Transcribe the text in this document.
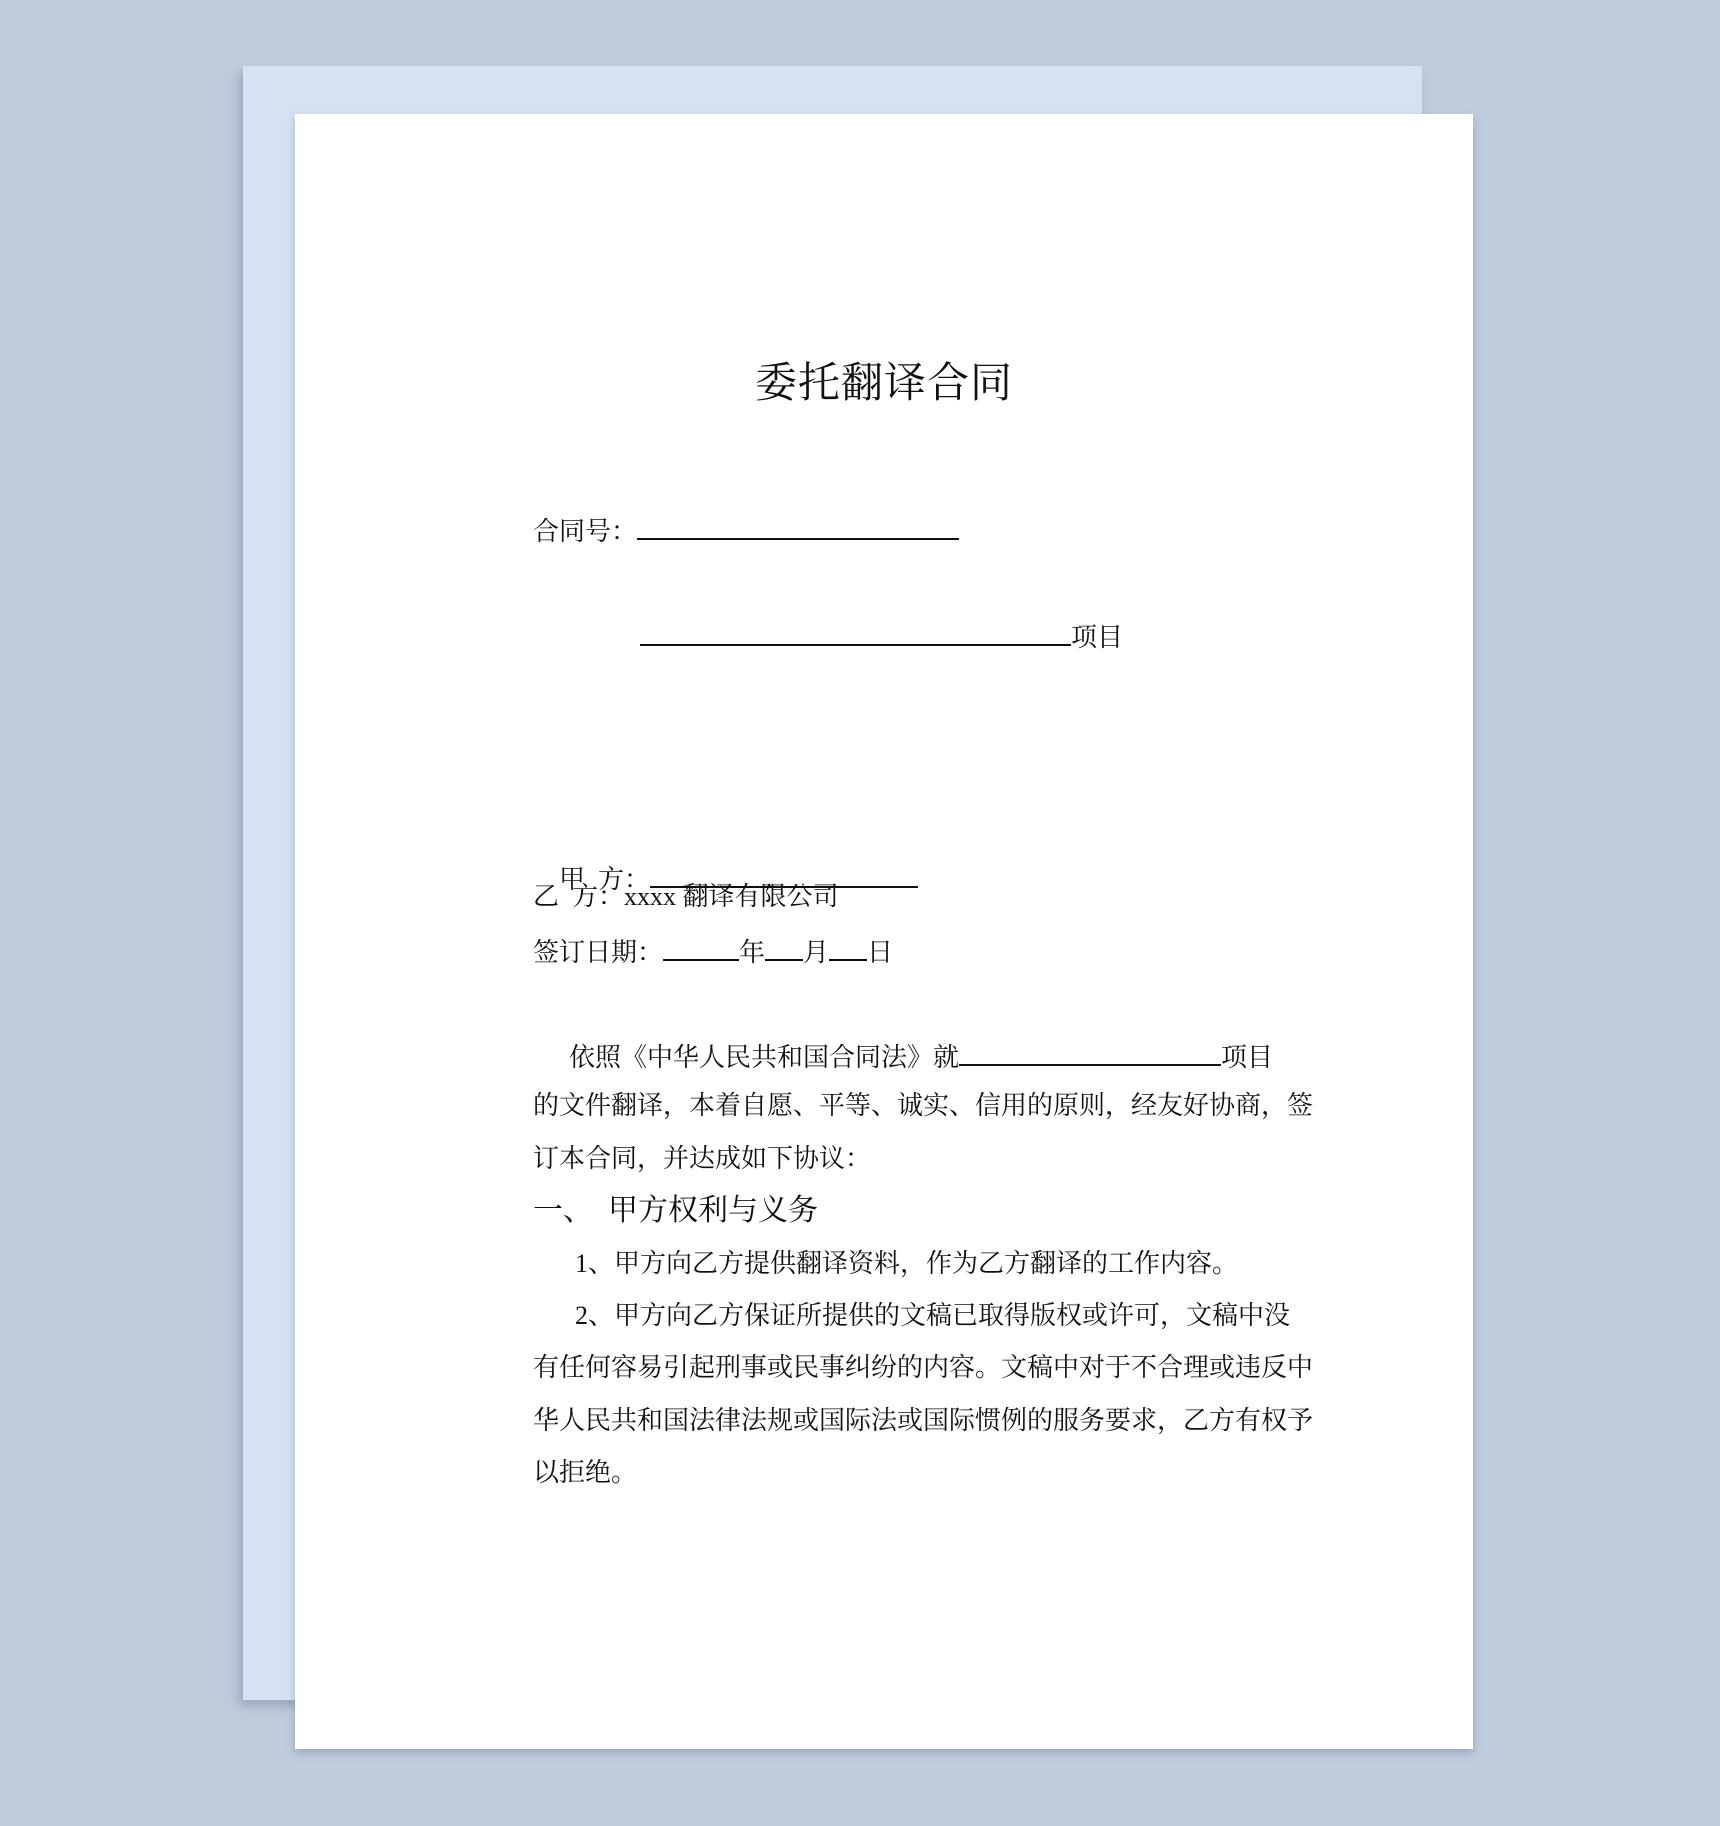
委托翻译合同
合同号：
项目

甲  方：

乙  方：xxxx 翻译有限公司
签订日期：	年 月 日
依照《中华人民共和国合同法》就	项目
的文件翻译，本着自愿、平等、诚实、信用的原则，经友好协商，签
订本合同，并达成如下协议：
一、  甲方权利与义务
1、甲方向乙方提供翻译资料，作为乙方翻译的工作内容。
2、甲方向乙方保证所提供的文稿已取得版权或许可，文稿中没
有任何容易引起刑事或民事纠纷的内容。文稿中对于不合理或违反中
华人民共和国法律法规或国际法或国际惯例的服务要求，乙方有权予
以拒绝。
